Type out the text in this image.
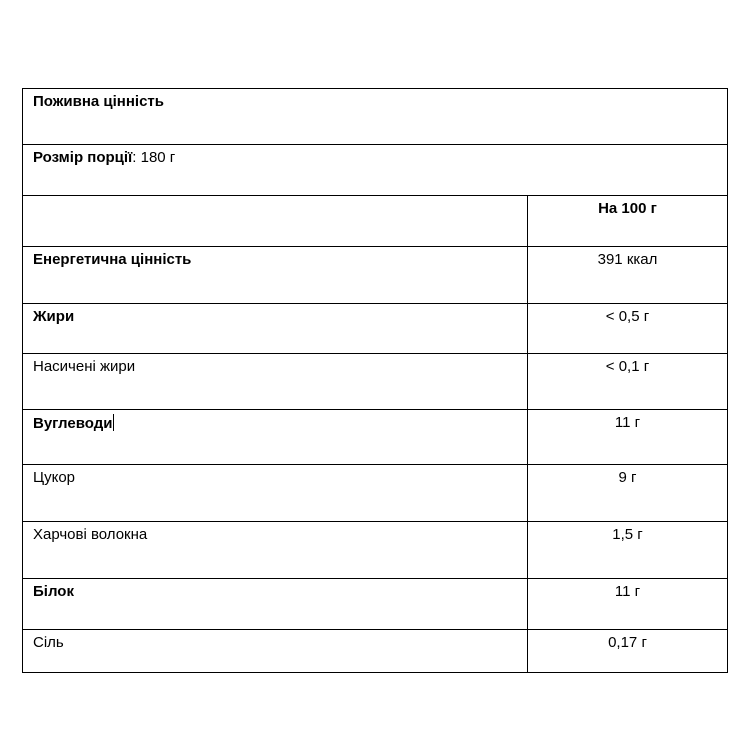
Поживна цінність
Розмір порції: 180 г
На 100 г
Енергетична цінність	391 ккал
Жири	< 0,5 г
Насичені жири	< 0,1 г
Вуглеводи	11 г
Цукор	9 г
Харчові волокна	1,5 г
Білок	11 г
Сіль	0,17 г
